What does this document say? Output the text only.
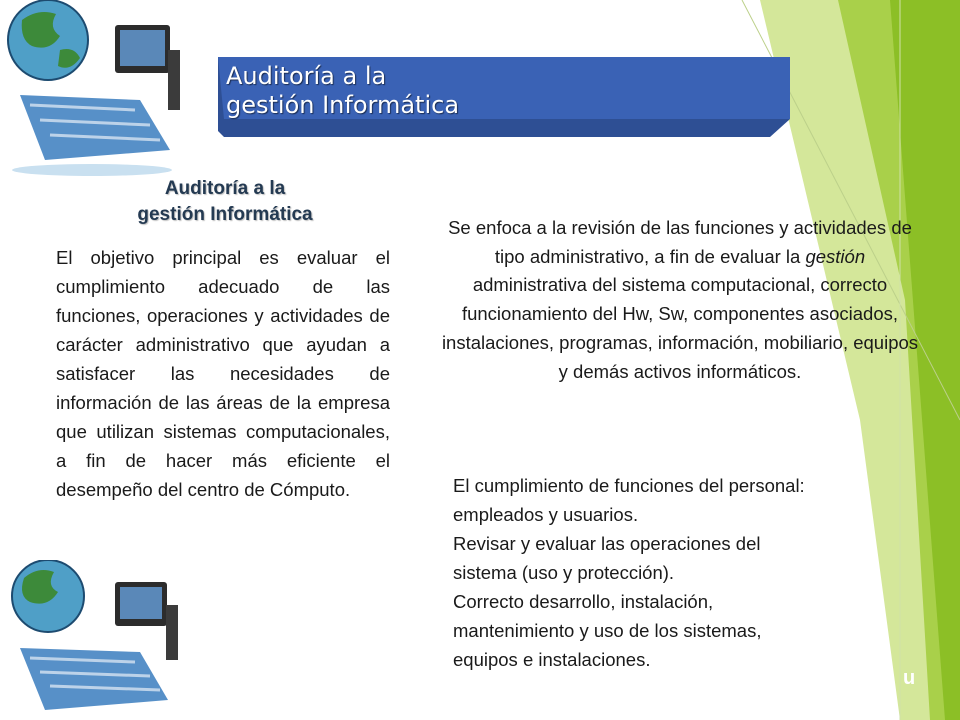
u
Auditoría a la
gestión Informática
Auditoría a la
gestión Informática
El objetivo principal es evaluar el cumplimiento adecuado de las funciones, operaciones y actividades de carácter administrativo que ayudan a satisfacer las necesidades de información de las áreas de la empresa que utilizan sistemas computacionales, a fin de hacer más eficiente el desempeño del centro de Cómputo.
Se enfoca a la revisión de las funciones y actividades de tipo administrativo, a fin de evaluar la gestión administrativa del sistema computacional, correcto funcionamiento del Hw, Sw, componentes asociados, instalaciones, programas, información, mobiliario, equipos y demás activos informáticos.
El cumplimiento de funciones del personal:
empleados y usuarios.
Revisar y evaluar las operaciones del
sistema (uso y protección).
Correcto desarrollo, instalación,
mantenimiento y uso de los sistemas,
equipos e instalaciones.
